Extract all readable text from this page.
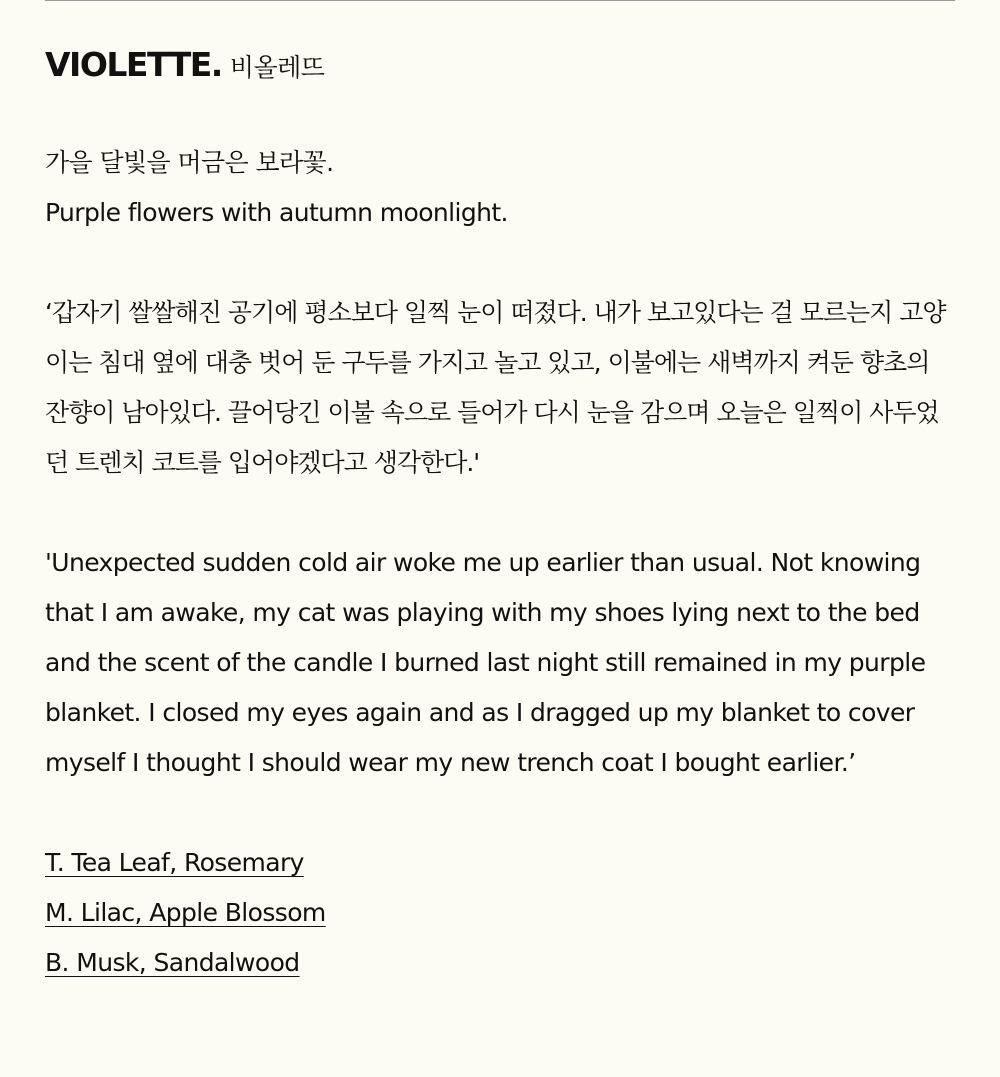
VIOLETTE. 비올레뜨
가을 달빛을 머금은 보라꽃.
Purple flowers with autumn moonlight.

‘갑자기 쌀쌀해진 공기에 평소보다 일찍 눈이 떠졌다. 내가 보고있다는 걸 모르는지 고양이는 침대 옆에 대충 벗어 둔 구두를 가지고 놀고 있고, 이불에는 새벽까지 켜둔 향초의 잔향이 남아있다. 끌어당긴 이불 속으로 들어가 다시 눈을 감으며 오늘은 일찍이 사두었던 트렌치 코트를 입어야겠다고 생각한다.'

'Unexpected sudden cold air woke me up earlier than usual. Not knowing that I am awake, my cat was playing with my shoes lying next to the bed and the scent of the candle I burned last night still remained in my purple blanket. I closed my eyes again and as I dragged up my blanket to cover myself I thought I should wear my new trench coat I bought earlier.’

T. Tea Leaf, Rosemary
M. Lilac, Apple Blossom
B. Musk, Sandalwood
